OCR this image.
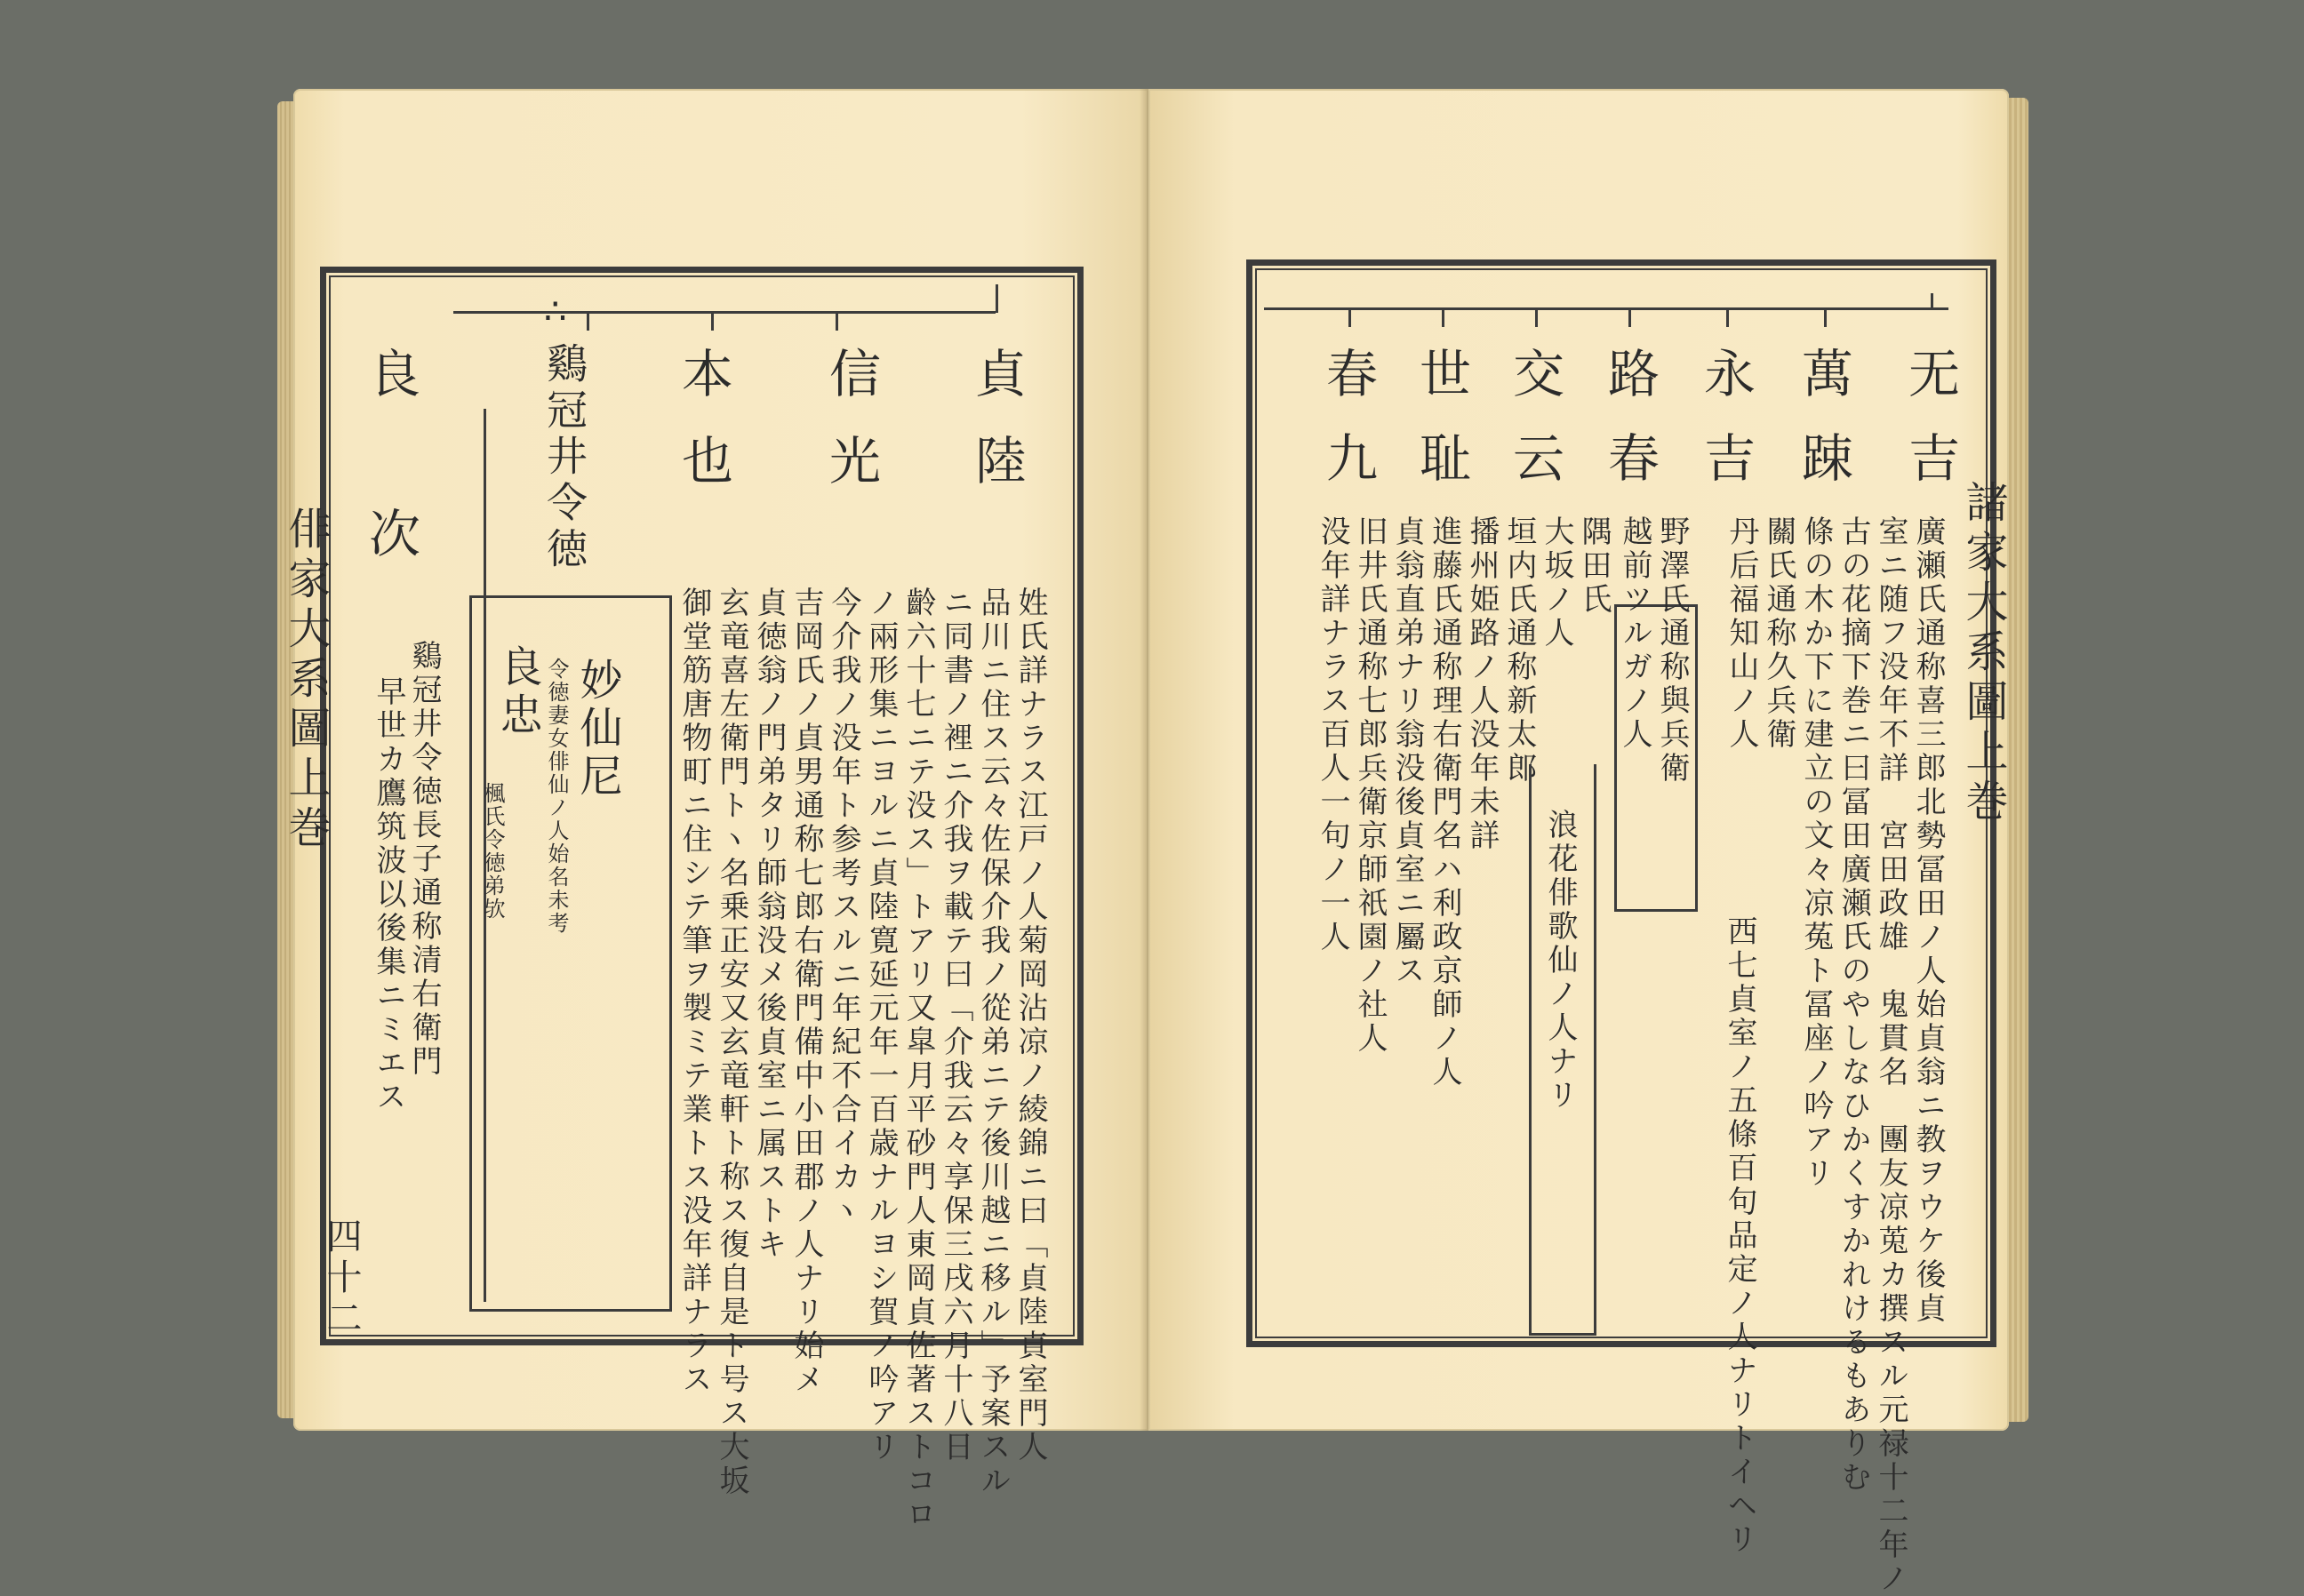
俳家大系圖上巻
四十二
貞
陸
信
光
本
也
∴
鷄冠井令徳
良
次
妙仙尼
令徳妻女俳仙ノ人始名未考
良忠
楓氏令徳弟欤
鷄冠井令徳長子通称清右衛門
早世カ鷹筑波以後集ニミエス	姓氏詳ナラス江戸ノ人菊岡沾凉ノ綾錦ニ曰「貞陸貞室門人
品川ニ住ス云々佐保介我ノ從弟ニテ後川越ニ移ル」予案スル
ニ同書ノ裡ニ介我ヲ載テ曰「介我云々享保三戌六月十八日
齡六十七ニテ没ス」トアリ又皐月平砂門人東岡貞佐著ストコロ
ノ兩形集ニヨルニ貞陸寛延元年一百歳ナルヨシ賀ノ吟アリ
今介我ノ没年ト参考スルニ年紀不合イカヽ
吉岡氏ノ貞男通称七郎右衛門備中小田郡ノ人ナリ始メ
貞徳翁ノ門弟タリ師翁没メ後貞室ニ属ストキ
玄竜喜左衛門トヽ名乗正安又玄竜軒ト称ス復自是ト号ス大坂
御堂筋唐物町ニ住シテ筆ヲ製ミテ業トス没年詳ナラス	諸家大系圖上巻
无
萬
永
路
交
世
春
吉
踈
吉
春
云
耻
九
廣瀬氏通称喜三郎北勢冨田ノ人始貞翁ニ教ヲウケ後貞
室ニ随フ没年不詳　宮田政雄　鬼貫名　團友凉莵カ撰スル元禄十二年ノ
古の花摘下巻ニ曰冨田廣瀬氏のやしなひかくすかれけるもありむ
條の木か下に建立の文々凉菟ト冨座ノ吟アリ
關氏通称久兵衛
丹后福知山ノ人
野澤氏通称與兵衛
越前ツルガノ人
隅田氏
大坂ノ人
垣内氏通称新太郎
播州姫路ノ人没年未詳
進藤氏通称理右衛門名ハ利政京師ノ人
貞翁直弟ナリ翁没後貞室ニ屬ス
旧井氏通称七郎兵衛京師祇園ノ社人
没年詳ナラス百人一句ノ一人
浪花俳歌仙ノ人ナリ	西七貞室ノ五條百句品定ノ人ナリトイヘリ
